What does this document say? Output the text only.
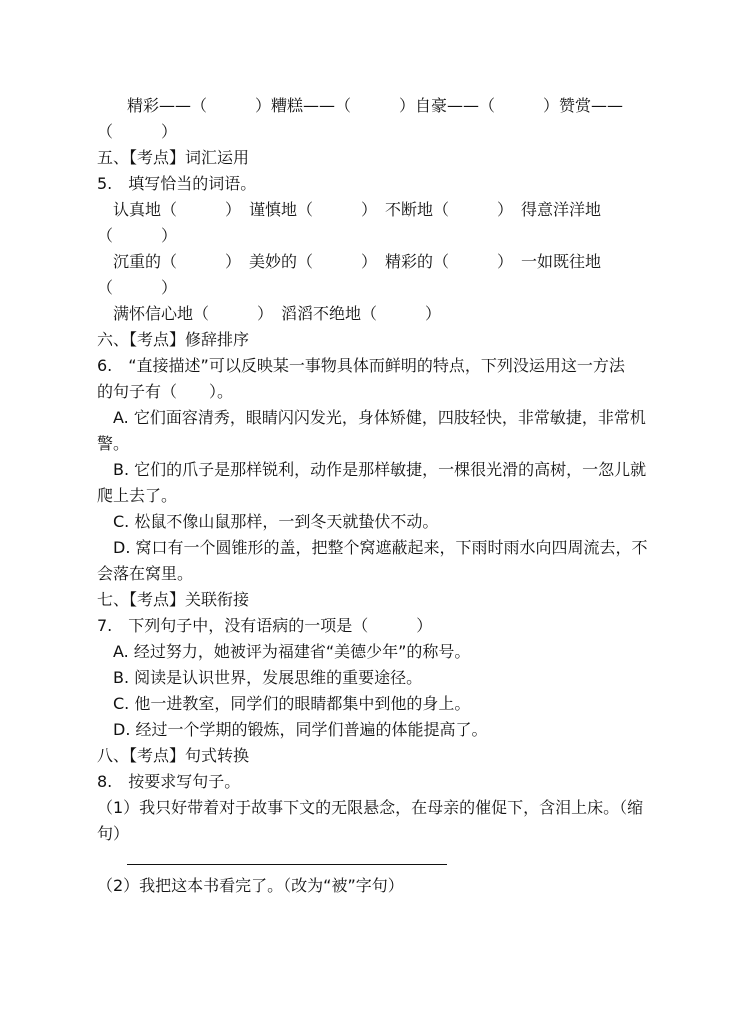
精彩——（　　　）糟糕——（　　　）自豪——（　　　）赞赏——
（　　　）
五、【考点】词汇运用
5.　填写恰当的词语。
认真地（　　　）　谨慎地（　　　）　不断地（　　　）　得意洋洋地
（　　　）
沉重的（　　　）　美妙的（　　　）　精彩的（　　　）　一如既往地
（　　　）
满怀信心地（　　　）　滔滔不绝地（　　　）
六、【考点】修辞排序
6.　“直接描述”可以反映某一事物具体而鲜明的特点，下列没运用这一方法
的句子有（　　）。
A. 它们面容清秀，眼睛闪闪发光，身体矫健，四肢轻快，非常敏捷，非常机
警。
B. 它们的爪子是那样锐利，动作是那样敏捷，一棵很光滑的高树，一忽儿就
爬上去了。
C. 松鼠不像山鼠那样，一到冬天就蛰伏不动。
D. 窝口有一个圆锥形的盖，把整个窝遮蔽起来，下雨时雨水向四周流去，不
会落在窝里。
七、【考点】关联衔接
7.　下列句子中，没有语病的一项是（　　　）
A. 经过努力，她被评为福建省“美德少年”的称号。
B. 阅读是认识世界，发展思维的重要途径。
C. 他一进教室，同学们的眼睛都集中到他的身上。
D. 经过一个学期的锻炼，同学们普遍的体能提高了。
八、【考点】句式转换
8.　按要求写句子。
（1）我只好带着对于故事下文的无限悬念，在母亲的催促下，含泪上床。（缩
句）
（2）我把这本书看完了。（改为“被”字句）
